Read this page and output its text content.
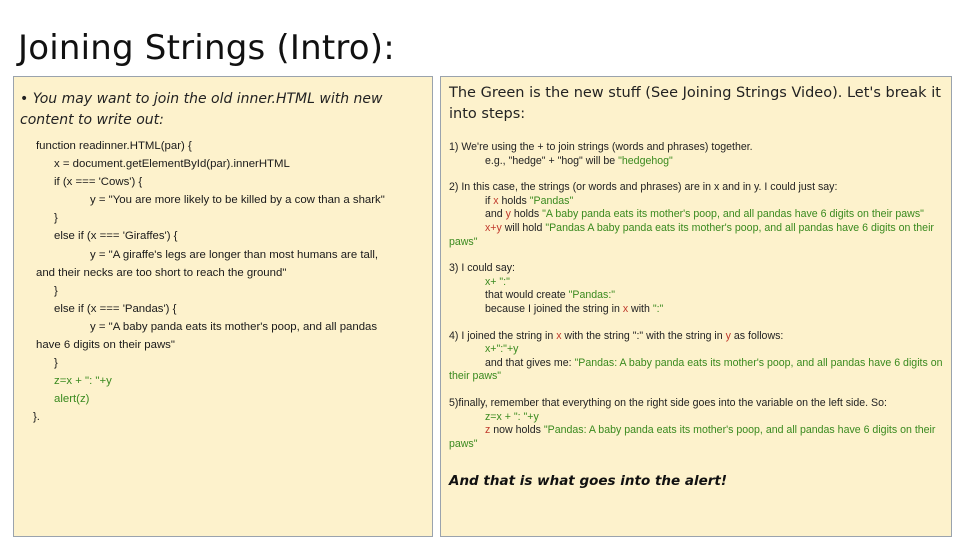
Joining Strings (Intro):
• You may want to join the old inner.HTML with new content to write out:
function readinner.HTML(par) {
x = document.getElementById(par).innerHTML
if (x === 'Cows') {
y = "You are more likely to be killed by a cow than a shark"
}
else if (x === 'Giraffes') {
y = "A giraffe's legs are longer than most humans are tall,
and their necks are too short to reach the ground"
}
else if (x === 'Pandas') {
y = "A baby panda eats its mother's poop, and all pandas
have 6 digits on their paws"
}
z=x + ": "+y
alert(z)
}.
The Green is the new stuff (See Joining Strings Video). Let's break it into steps:
1) We're using the + to join strings (words and phrases) together.
e.g., "hedge" + "hog" will be "hedgehog"
2) In this case, the strings (or words and phrases) are in x and in y. I could just say:
if x holds "Pandas"
and y holds "A baby panda eats its mother's poop, and all pandas have 6 digits on their paws"
x+y will hold "Pandas A baby panda eats its mother's poop, and all pandas have 6 digits on their paws"
3) I could say:
x+ ":"
that would create "Pandas:"
because I joined the string in x with ":"
4) I joined the string in x with the string ":" with the string in y as follows:
x+":"+y
and that gives me: "Pandas: A baby panda eats its mother's poop, and all pandas have 6 digits on their paws"
5)finally, remember that everything on the right side goes into the variable on the left side. So:
z=x + ": "+y
z now holds "Pandas: A baby panda eats its mother's poop, and all pandas have 6 digits on their paws"
And that is what goes into the alert!
